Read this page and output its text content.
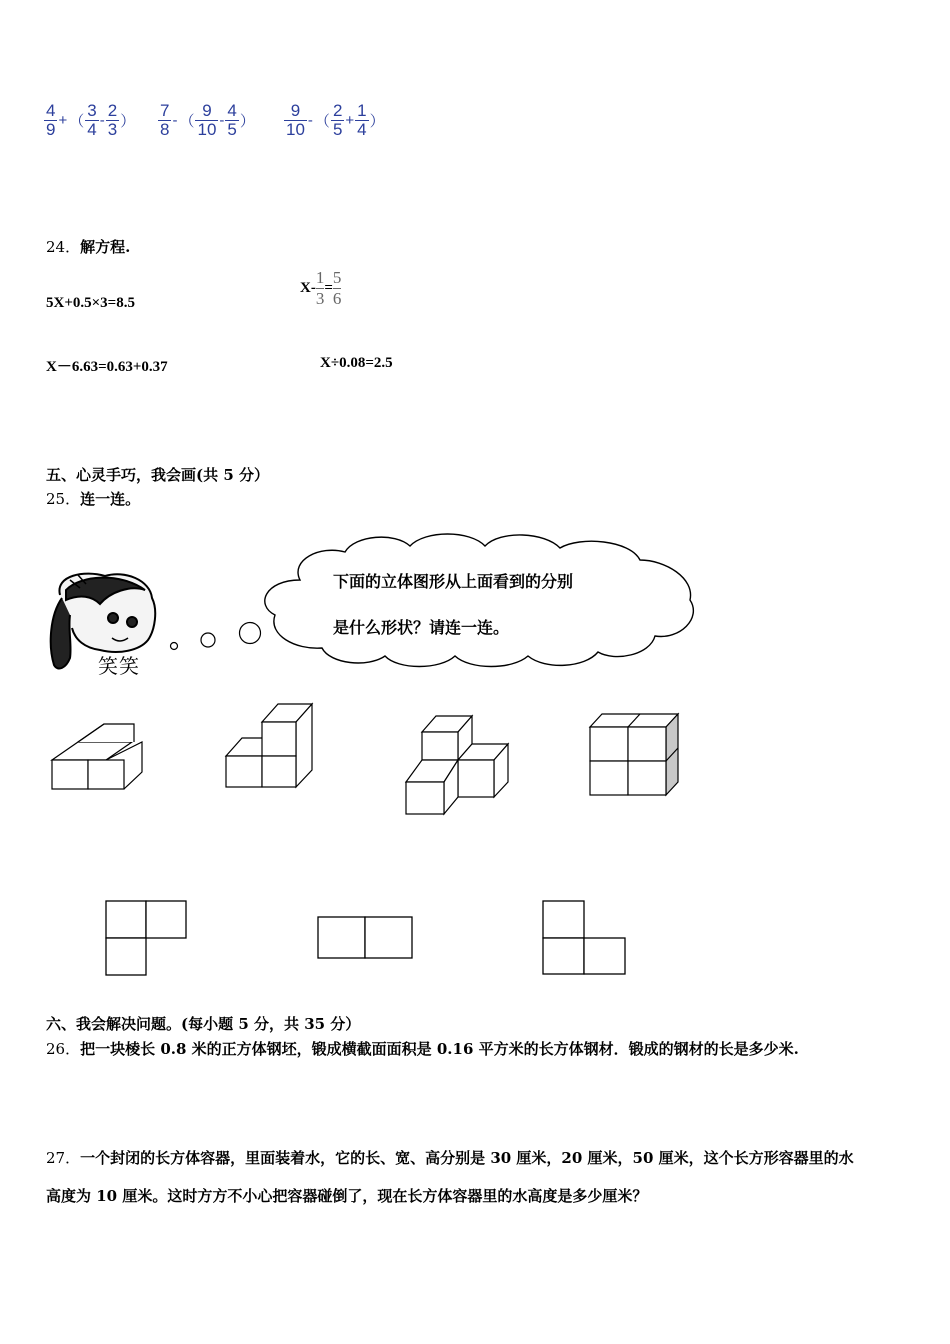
$\frac{4}{9}$ + （ $\frac{3}{4} - \frac{2}{3}$ ） $\frac{7}{8}$ - （ $\frac{9}{10} - \frac{4}{5}$ ） $\frac{9}{10}$ - （ $\frac{2}{5} + \frac{1}{4}$ ）
24．解方程.
5X+0.5×3=8.5
$X- \frac{1}{3} = \frac{5}{6}$
X－6.63=0.63+0.37	X÷0.08=2.5
五、心灵手巧，我会画(共 5 分）
25．连一连。
笑笑
下面的立体图形从上面看到的分别
是什么形状？请连一连。
六、我会解决问题。(每小题 5 分，共 35 分）
26．把一块棱长 0.8 米的正方体钢坯，锻成横截面面积是 0.16 平方米的长方体钢材．锻成的钢材的长是多少米.
27．一个封闭的长方体容器，里面装着水，它的长、宽、高分别是 30 厘米，20 厘米，50 厘米，这个长方形容器里的水
高度为 10 厘米。这时方方不小心把容器碰倒了，现在长方体容器里的水高度是多少厘米？
